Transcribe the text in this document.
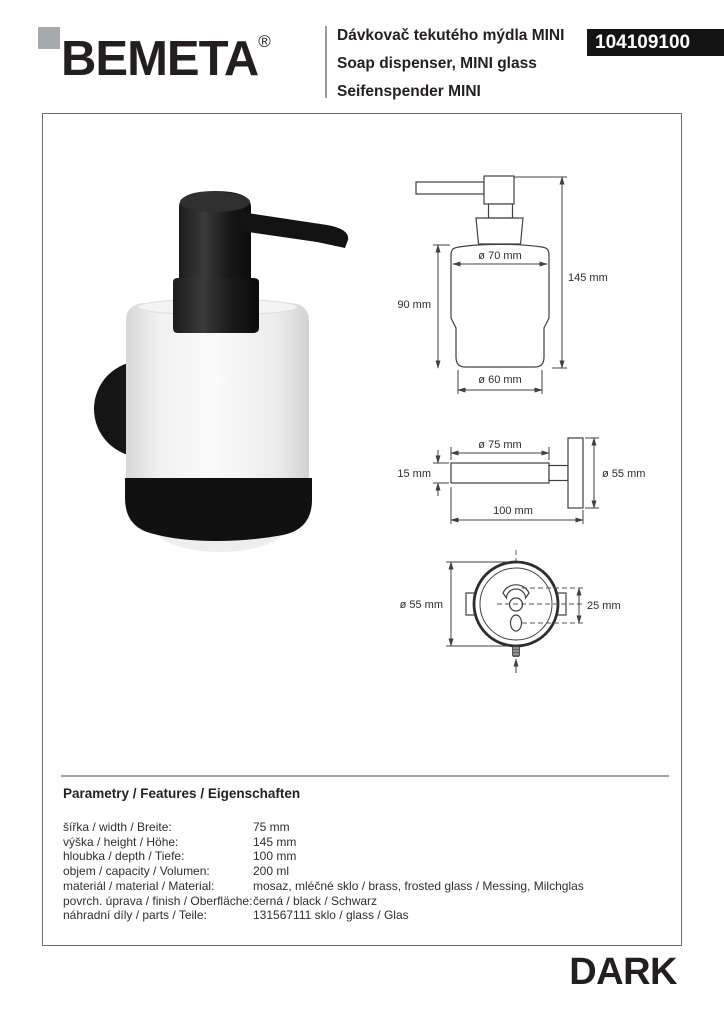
BEMETA®	Dávkovač tekutého mýdla MINI
Soap dispenser, MINI glass
Seifenspender MINI
104109100
ø 70 mm
145 mm
90 mm
ø 60 mm
ø 75 mm
15 mm	ø 55 mm
100 mm
25 mm
ø 55 mm
Parametry / Features / Eigenschaften
šířka / width / Breite:	75 mm
výška / height / Höhe:	145 mm
hloubka / depth / Tiefe:	100 mm
objem / capacity / Volumen:	200 ml
materiál / material / Material:	mosaz, mléčné sklo / brass, frosted glass / Messing, Milchglas
povrch. úprava / finish / Oberfläche: černá / black / Schwarz
náhradní díly / parts / Teile:	131567111 sklo / glass / Glas
DARK
